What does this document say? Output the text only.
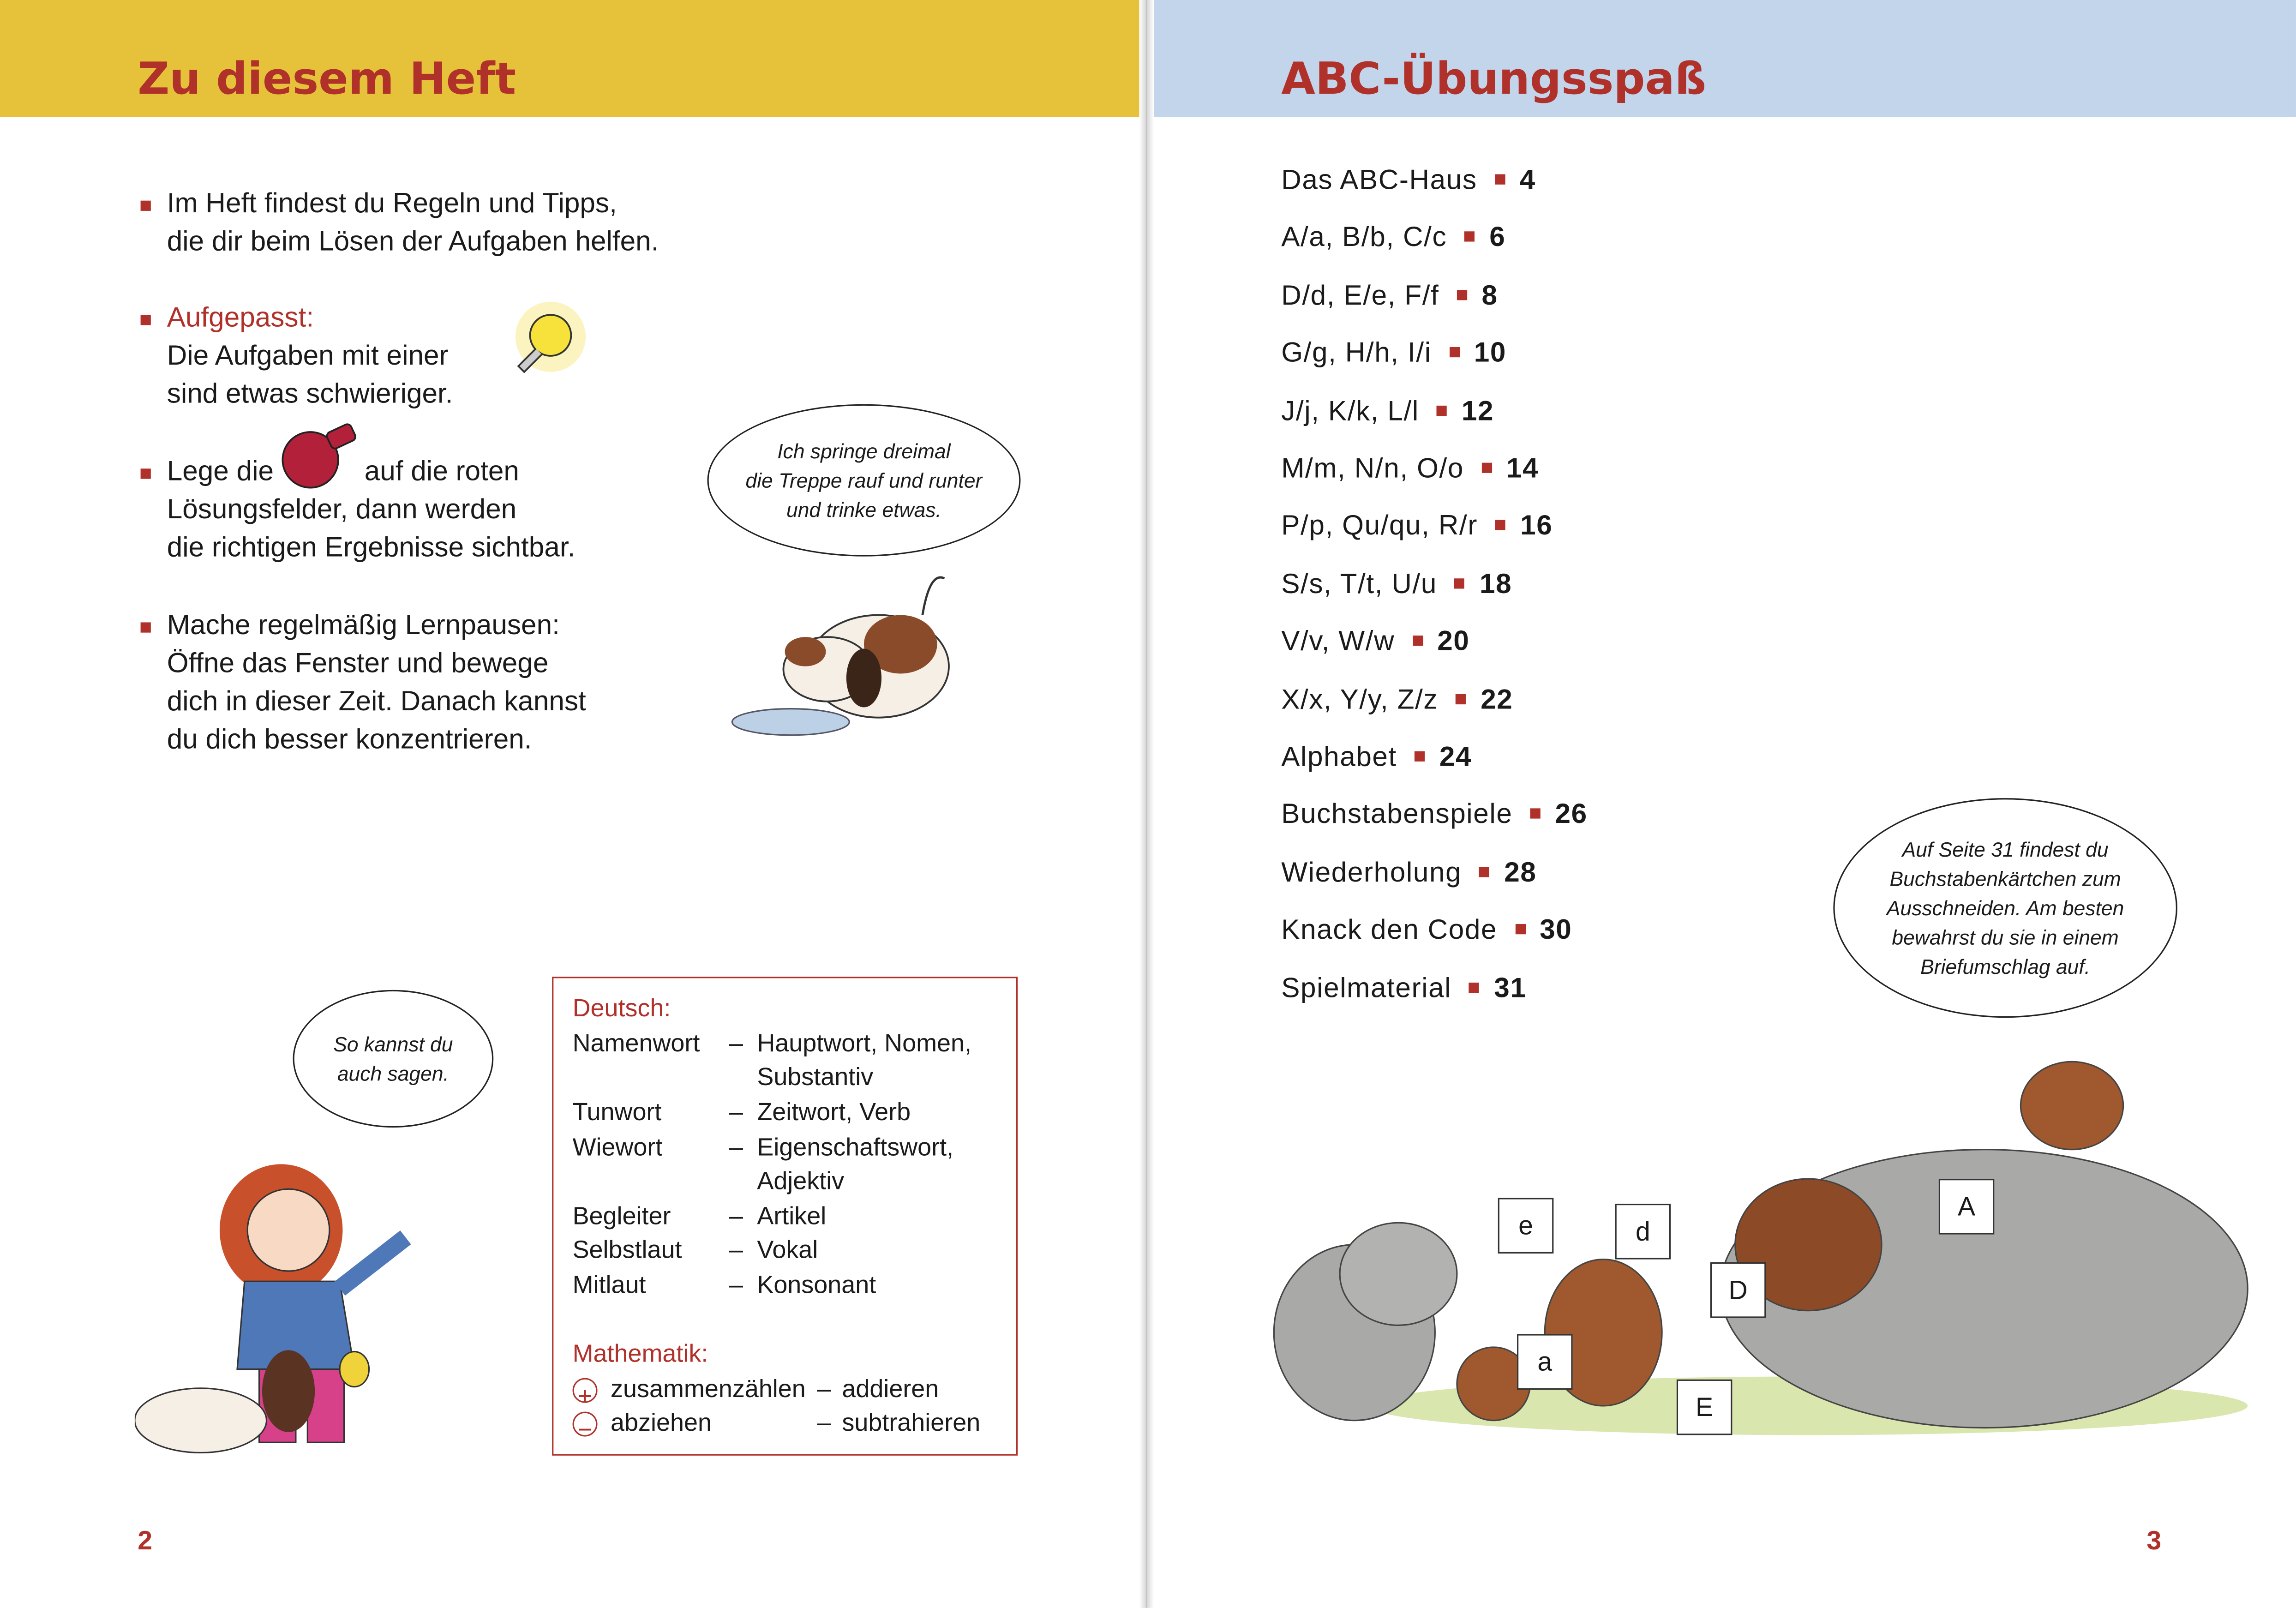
Zu diesem Heft
Im Heft findest du Regeln und Tipps,
die dir beim Lösen der Aufgaben helfen.
Aufgepasst:
Die Aufgaben mit einer
sind etwas schwieriger.
Lege die	auf die roten
Lösungsfelder, dann werden
die richtigen Ergebnisse sichtbar.
Mache regelmäßig Lernpausen:
Öffne das Fenster und bewege
dich in dieser Zeit. Danach kannst
du dich besser konzentrieren.
Ich springe dreimal
die Treppe rauf und runter
und trinke etwas.
So kannst du
auch sagen.
Deutsch:
Namenwort	– Hauptwort, Nomen,
Substantiv
Tunwort	– Zeitwort, Verb
Wiewort	– Eigenschaftswort,
Adjektiv
Begleiter	– Artikel
Selbstlaut	– Vokal
Mitlaut	– Konsonant
Mathematik:
+	zusammenzählen – addieren
−	abziehen	– subtrahieren
2
ABC-Übungsspaß
Das ABC-Haus	4
A/a, B/b, C/c	6
D/d, E/e, F/f	8
G/g, H/h, I/i	10
J/j, K/k, L/l	12
M/m, N/n, O/o	14
P/p, Qu/qu, R/r	16
S/s, T/t, U/u	18
V/v, W/w	20
X/x, Y/y, Z/z	22
Alphabet	24
Buchstabenspiele	26
Wiederholung	28
Knack den Code	30
Spielmaterial	31
Auf Seite 31 findest du
Buchstabenkärtchen zum
Ausschneiden. Am besten
bewahrst du sie in einem
Briefumschlag auf.
e	d
a
D
E
A
3
